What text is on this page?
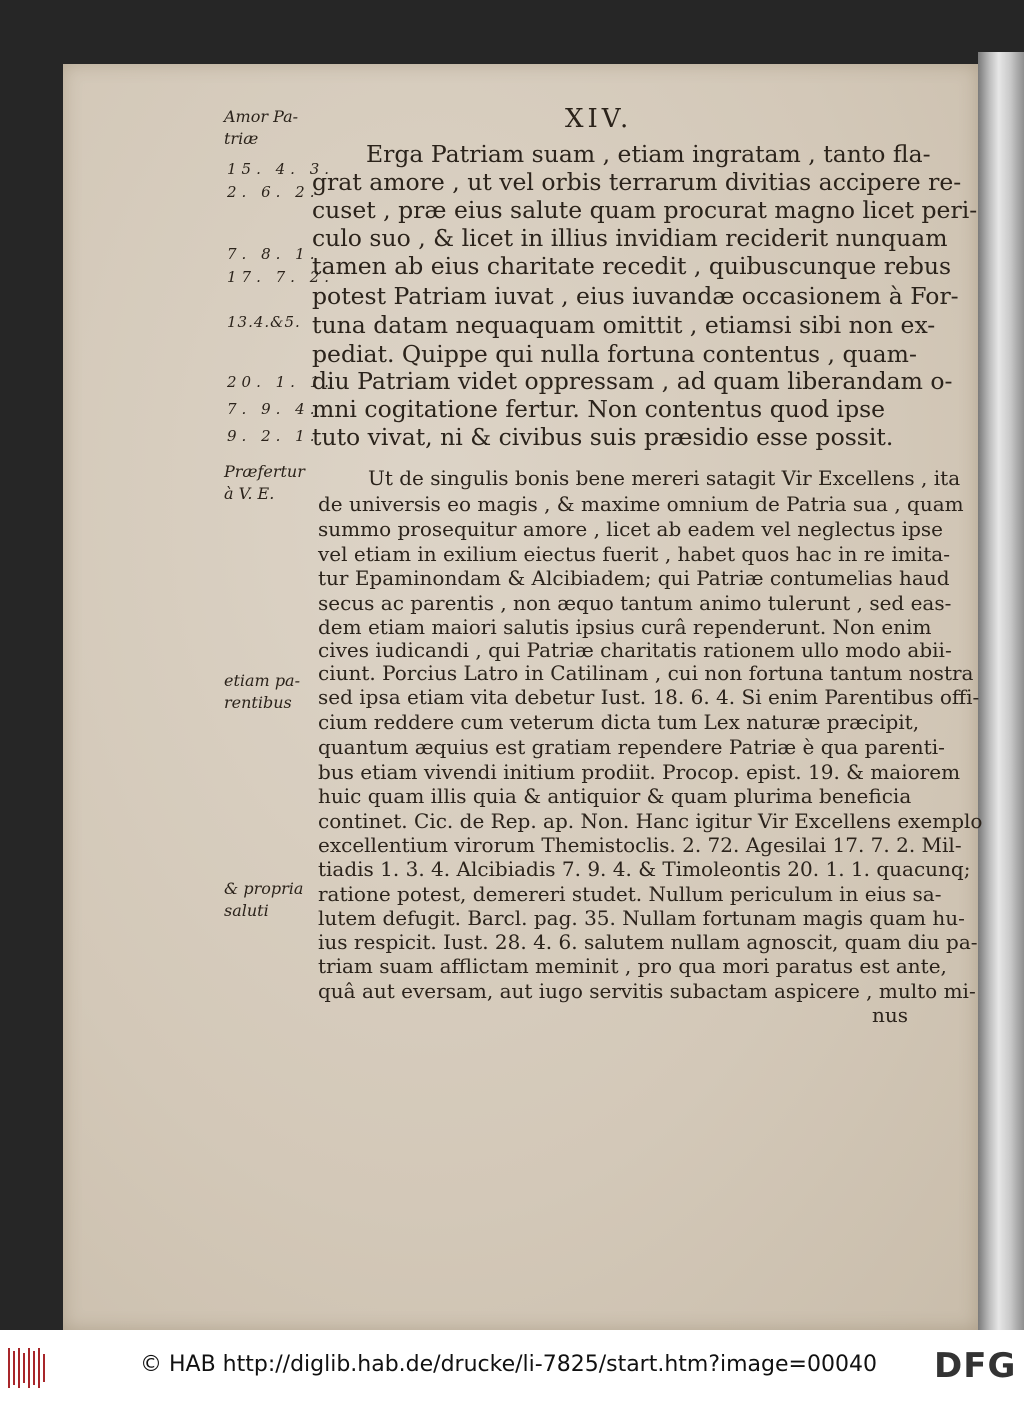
XIV.
Amor Pa-
triæ
Præfertur
à V. E.
etiam pa-
rentibus
& propria
saluti
15. 4. 3.
2. 6. 2.
7. 8. 1.
17. 7. 2.
13.4.&5.
20. 1. 1.
7. 9. 4.
9. 2. 1.
Erga Patriam suam , etiam ingratam , tanto fla-
grat amore , ut vel orbis terrarum divitias accipere re-
cuset , præ eius salute quam procurat magno licet peri-
culo suo , & licet in illius invidiam reciderit nunquam
tamen ab eius charitate recedit , quibuscunque rebus
potest Patriam iuvat , eius iuvandæ occasionem à For-
tuna datam nequaquam omittit , etiamsi sibi non ex-
pediat. Quippe qui nulla fortuna contentus , quam-
diu Patriam videt oppressam , ad quam liberandam o-
mni cogitatione fertur. Non contentus quod ipse
tuto vivat, ni & civibus suis præsidio esse possit.
Ut de singulis bonis bene mereri satagit Vir Excellens , ita
de universis eo magis , & maxime omnium de Patria sua , quam
summo prosequitur amore , licet ab eadem vel neglectus ipse
vel etiam in exilium eiectus fuerit , habet quos hac in re imita-
tur Epaminondam & Alcibiadem; qui Patriæ contumelias haud
secus ac parentis , non æquo tantum animo tulerunt , sed eas-
dem etiam maiori salutis ipsius curâ rependerunt. Non enim
cives iudicandi , qui Patriæ charitatis rationem ullo modo abii-
ciunt. Porcius Latro in Catilinam , cui non fortuna tantum nostra
sed ipsa etiam vita debetur Iust. 18. 6. 4. Si enim Parentibus offi-
cium reddere cum veterum dicta tum Lex naturæ præcipit,
quantum æquius est gratiam rependere Patriæ è qua parenti-
bus etiam vivendi initium prodiit. Procop. epist. 19. & maiorem
huic quam illis quia & antiquior & quam plurima beneficia
continet. Cic. de Rep. ap. Non. Hanc igitur Vir Excellens exemplo
excellentium virorum Themistoclis. 2. 72. Agesilai 17. 7. 2. Mil-
tiadis 1. 3. 4. Alcibiadis 7. 9. 4. & Timoleontis 20. 1. 1. quacunq;
ratione potest, demereri studet. Nullum periculum in eius sa-
lutem defugit. Barcl. pag. 35. Nullam fortunam magis quam hu-
ius respicit. Iust. 28. 4. 6. salutem nullam agnoscit, quam diu pa-
triam suam afflictam meminit , pro qua mori paratus est ante,
quâ aut eversam, aut iugo servitis subactam aspicere , multo mi-
nus
© HAB http://diglib.hab.de/drucke/li-7825/start.htm?image=00040 DFG
